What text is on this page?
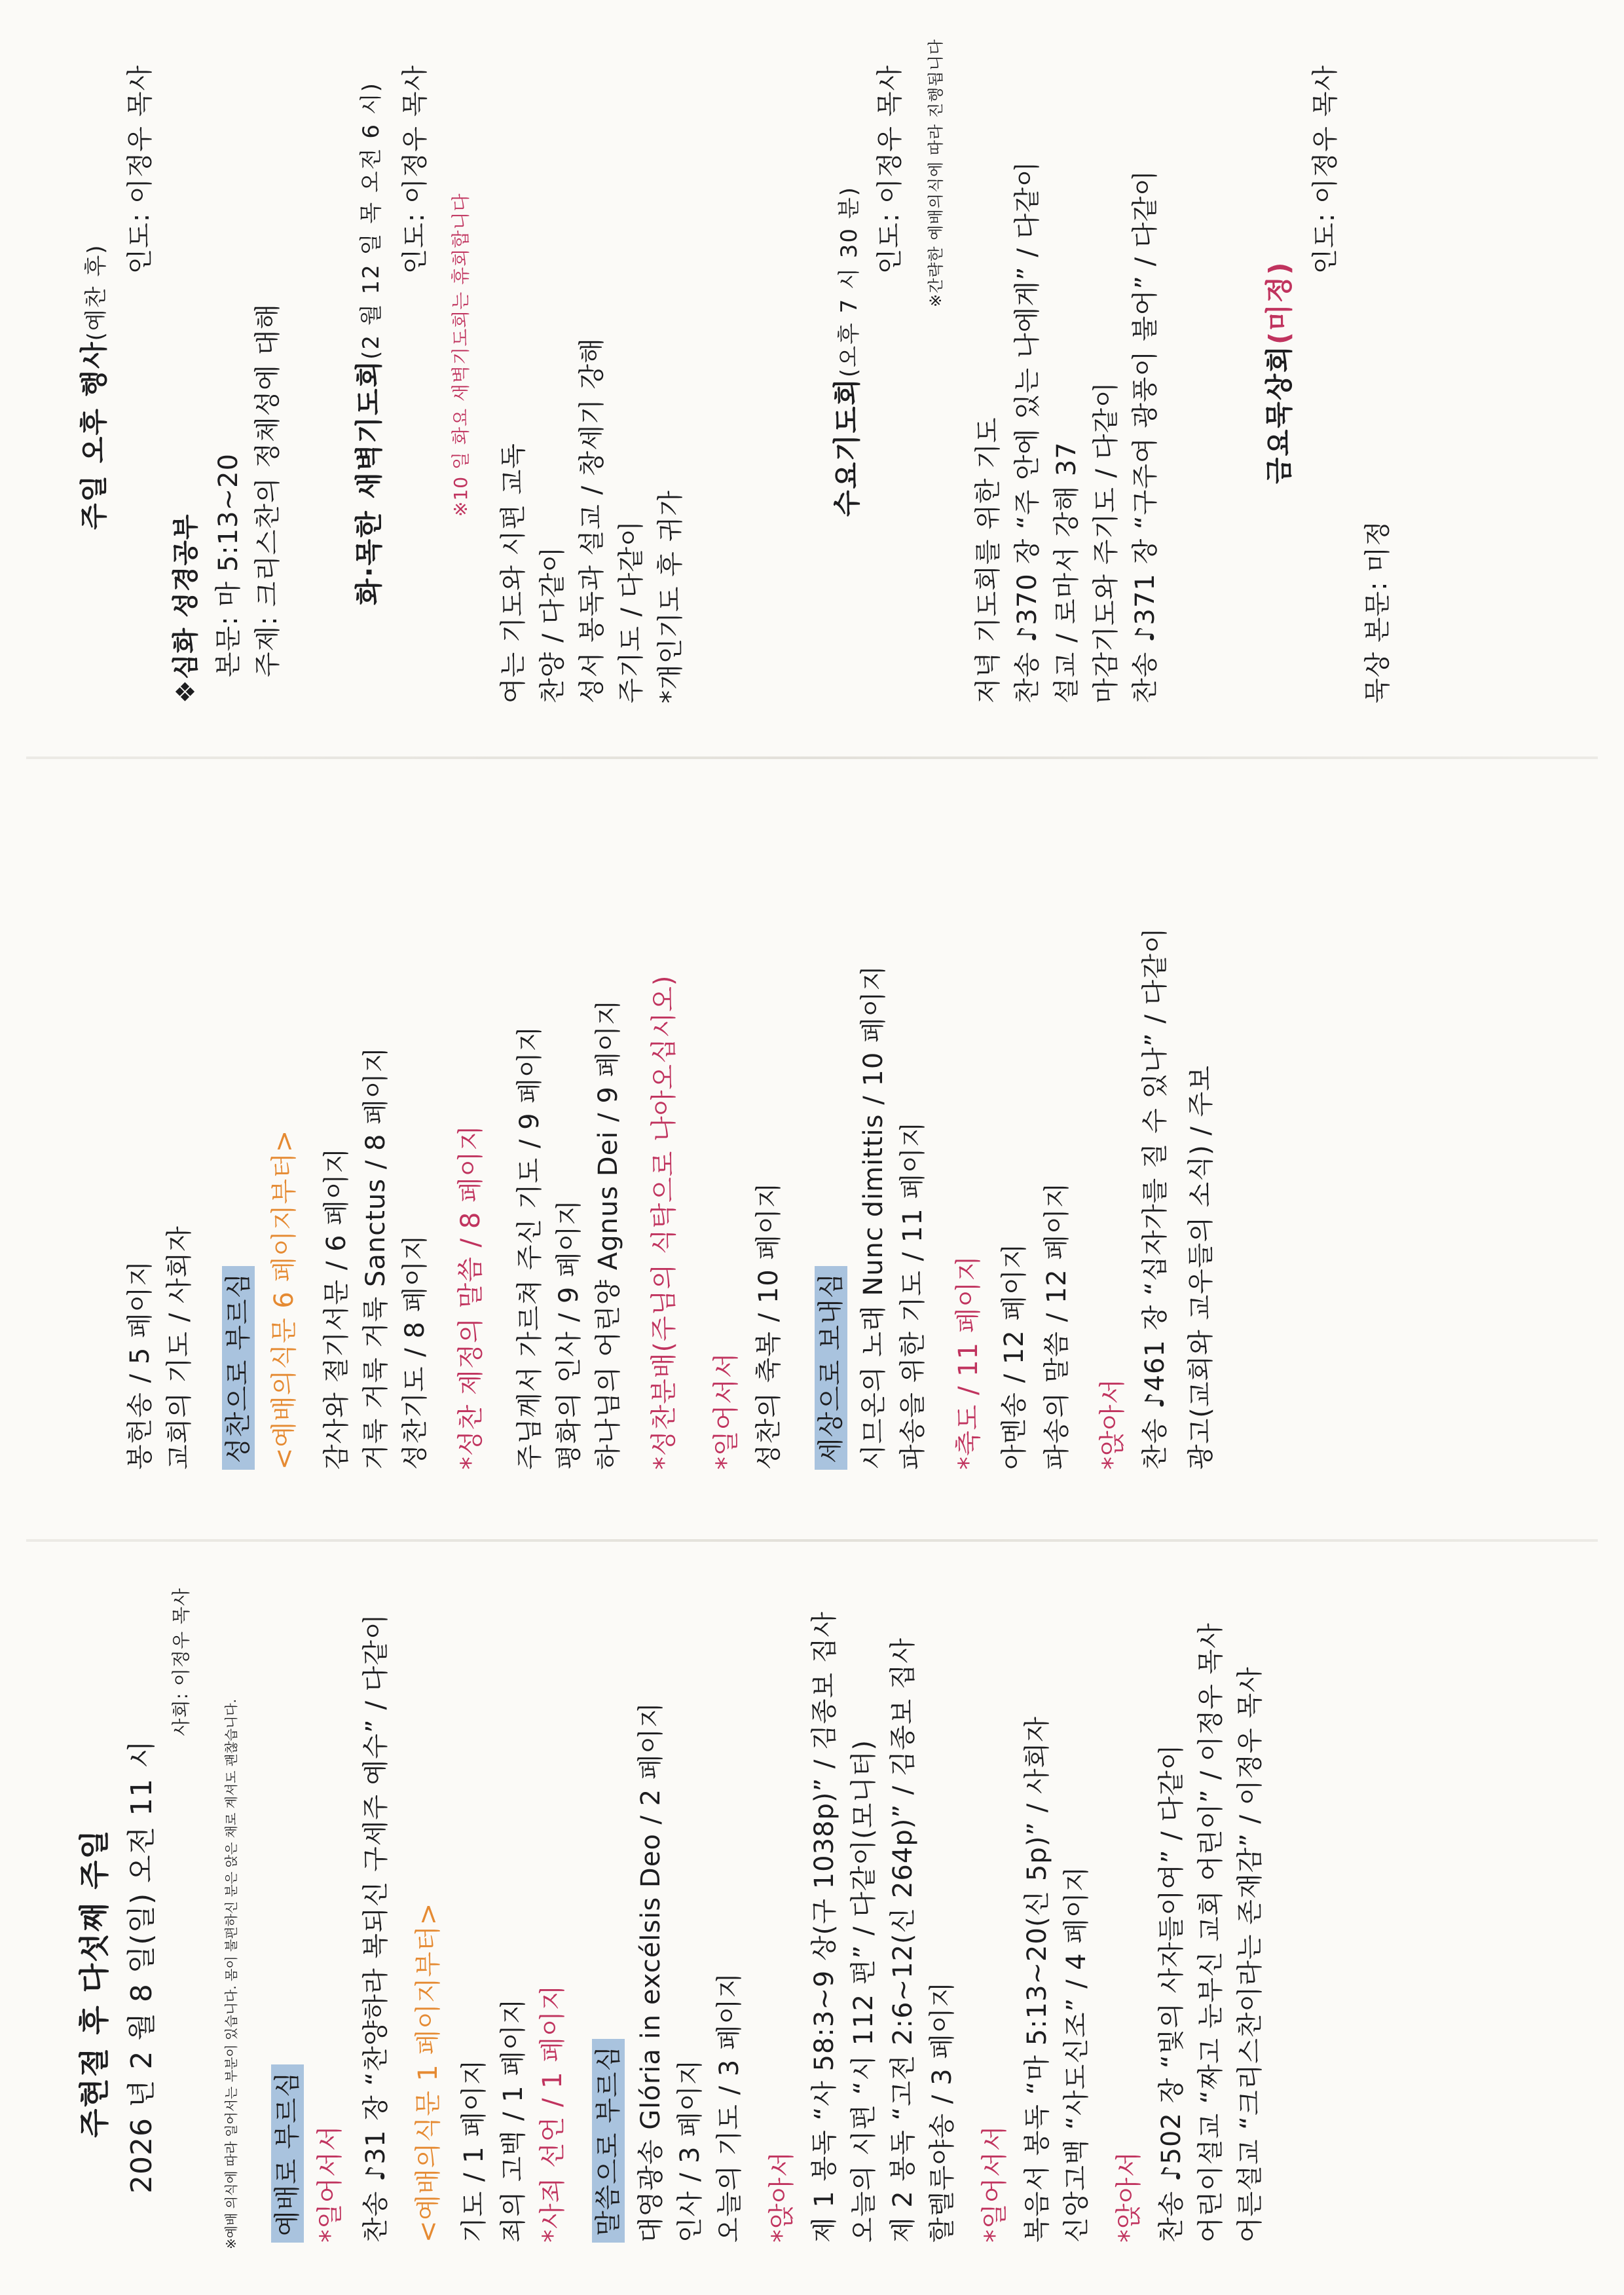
주현절 후 다섯째 주일 2026 년 2 월 8 일(일) 오전 11 시
사회: 이정우 목사
※예배 의식에 따라 일어서는 부분이 있습니다. 몸이 불편하신 분은 앉은 채로 계셔도 괜찮습니다. 예배로 부르심 *일어서서 찬송 ♪31 장 “찬양하라 복되신 구세주 예수” / 다같이 <예배의식문 1 페이지부터> 기도 / 1 페이지 죄의 고백 / 1 페이지 *사죄 선언 / 1 페이지 말씀으로 부르심 대영광송 Glória in excélsis Deo / 2 페이지 인사 / 3 페이지 오늘의 기도 / 3 페이지 *앉아서 제 1 봉독 “사 58:3~9 상(구 1038p)” / 김종보 집사 오늘의 시편 “시 112 편” / 다같이(모니터) 제 2 봉독 “고전 2:6~12(신 264p)” / 김종보 집사 할렐루야송 / 3 페이지 *일어서서 복음서 봉독 “마 5:13~20(신 5p)” / 사회자 신앙고백 “사도신조” / 4 페이지 *앉아서 찬송 ♪502 장 “빛의 사자들이여” / 다같이 어린이설교 “짜고 눈부신 교회 어린이” / 이정우 목사 어른설교 “크리스찬이라는 존재감” / 이정우 목사
봉헌송 / 5 페이지 교회의 기도 / 사회자 성찬으로 부르심 <예배의식문 6 페이지부터> 감사와 절기서문 / 6 페이지 거룩 거룩 거룩 Sanctus / 8 페이지 성찬기도 / 8 페이지 *성찬 제정의 말씀 / 8 페이지 주님께서 가르쳐 주신 기도 / 9 페이지 평화의 인사 / 9 페이지 하나님의 어린양 Agnus Dei / 9 페이지 *성찬분배(주님의 식탁으로 나아오십시오) *일어서서 성찬의 축복 / 10 페이지 세상으로 보내심 시므온의 노래 Nunc dimittis / 10 페이지 파송을 위한 기도 / 11 페이지 *축도 / 11 페이지 아멘송 / 12 페이지 파송의 말씀 / 12 페이지 *앉아서 찬송 ♪461 장 “십자가를 질 수 있나” / 다같이 광고(교회와 교우들의 소식) / 주보
주일 오후 행사(예찬 후)
인도: 이정우 목사
❖심화 성경공부 본문: 마 5:13~20 주제: 크리스찬의 정체성에 대해	화·목한 새벽기도회(2 월 12 일 목 오전 6 시) 인도: 이정우 목사
※10 일 화요 새벽기도회는 휴회합니다
여는 기도와 시편 교독 찬양 / 다같이 성서 봉독과 설교 / 창세기 강해 주기도 / 다같이 *개인기도 후 귀가
수요기도회(오후 7 시 30 분)
인도: 이정우 목사	※간략한 예배의식에 따라 진행됩니다
저녁 기도회를 위한 기도 찬송 ♪370 장 “주 안에 있는 나에게” / 다같이 설교 / 로마서 강해 37 마감기도와 주기도 / 다같이 찬송 ♪371 장 “구주여 광풍이 불어” / 다같이	금요묵상회(미정)
인도: 이정우 목사
묵상 본문: 미정
